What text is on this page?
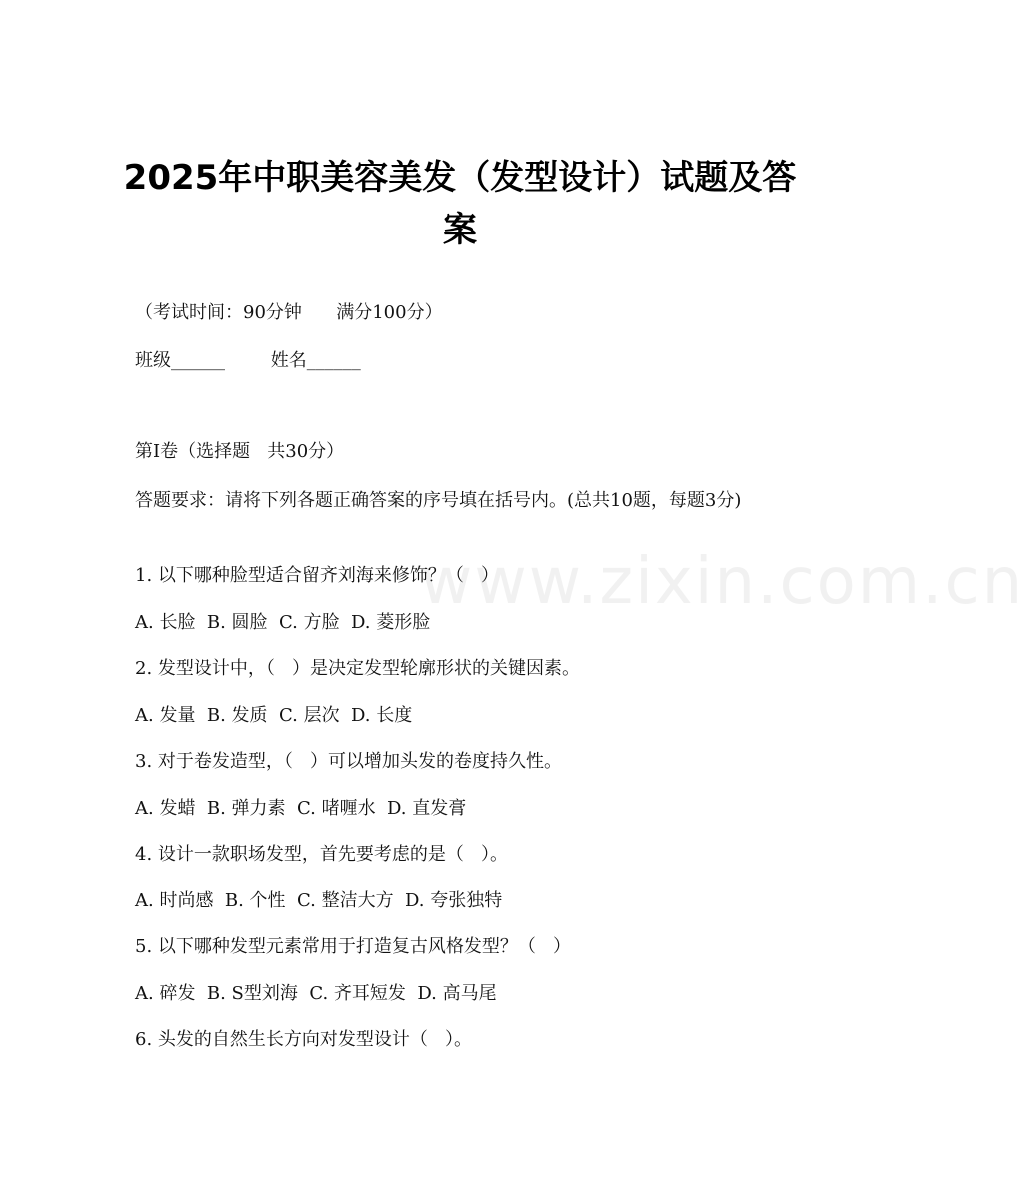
www.zixin.com.cn
2025年中职美容美发（发型设计）试题及答案
（考试时间：90分钟      满分100分）
班级______        姓名______
第I卷（选择题   共30分）
答题要求：请将下列各题正确答案的序号填在括号内。(总共10题，每题3分)
1. 以下哪种脸型适合留齐刘海来修饰？（   ）
A. 长脸  B. 圆脸  C. 方脸  D. 菱形脸
2. 发型设计中，（   ）是决定发型轮廓形状的关键因素。
A. 发量  B. 发质  C. 层次  D. 长度
3. 对于卷发造型，（   ）可以增加头发的卷度持久性。
A. 发蜡  B. 弹力素  C. 啫喱水  D. 直发膏
4. 设计一款职场发型，首先要考虑的是（   ）。
A. 时尚感  B. 个性  C. 整洁大方  D. 夸张独特
5. 以下哪种发型元素常用于打造复古风格发型？（   ）
A. 碎发  B. S型刘海  C. 齐耳短发  D. 高马尾
6. 头发的自然生长方向对发型设计（   ）。
